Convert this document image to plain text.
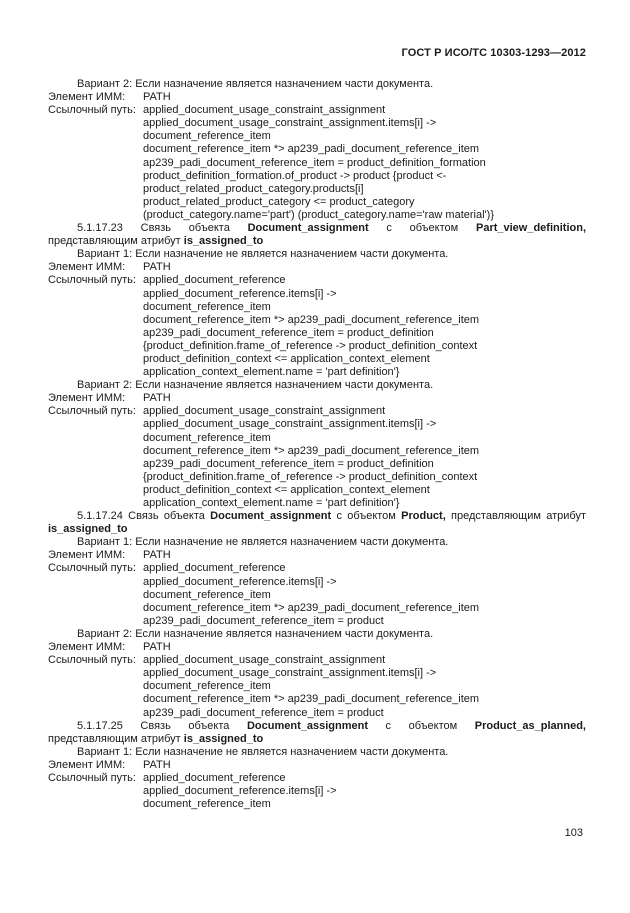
ГОСТ Р ИСО/ТС 10303-1293—2012
Вариант 2: Если назначение является назначением части документа.
Элемент ИММ:	PATH
Ссылочный путь: applied_document_usage_constraint_assignment
applied_document_usage_constraint_assignment.items[i] ->
document_reference_item
document_reference_item *> ap239_padi_document_reference_item
ap239_padi_document_reference_item = product_definition_formation
product_definition_formation.of_product -> product {product <-
product_related_product_category.products[i]
product_related_product_category <= product_category
(product_category.name='part') (product_category.name='raw material')}
5.1.17.23 Связь объекта Document_assignment с объектом Part_view_definition, представляющим атрибут is_assigned_to
Вариант 1: Если назначение не является назначением части документа.
Элемент ИММ:	PATH
Ссылочный путь: applied_document_reference
applied_document_reference.items[i] ->
document_reference_item
document_reference_item *> ap239_padi_document_reference_item
ap239_padi_document_reference_item = product_definition
{product_definition.frame_of_reference -> product_definition_context
product_definition_context <= application_context_element
application_context_element.name = 'part definition'}
Вариант 2: Если назначение является назначением части документа.
Элемент ИММ:	PATH
Ссылочный путь: applied_document_usage_constraint_assignment
applied_document_usage_constraint_assignment.items[i] ->
document_reference_item
document_reference_item *> ap239_padi_document_reference_item
ap239_padi_document_reference_item = product_definition
{product_definition.frame_of_reference -> product_definition_context
product_definition_context <= application_context_element
application_context_element.name = 'part definition'}
5.1.17.24 Связь объекта Document_assignment с объектом Product, представляющим атрибут is_assigned_to
Вариант 1: Если назначение не является назначением части документа.
Элемент ИММ:	PATH
Ссылочный путь: applied_document_reference
applied_document_reference.items[i] ->
document_reference_item
document_reference_item *> ap239_padi_document_reference_item
ap239_padi_document_reference_item = product
Вариант 2: Если назначение является назначением части документа.
Элемент ИММ:	PATH
Ссылочный путь: applied_document_usage_constraint_assignment
applied_document_usage_constraint_assignment.items[i] ->
document_reference_item
document_reference_item *> ap239_padi_document_reference_item
ap239_padi_document_reference_item = product
5.1.17.25 Связь объекта Document_assignment с объектом Product_as_planned, представляющим атрибут is_assigned_to
Вариант 1: Если назначение не является назначением части документа.
Элемент ИММ:	PATH
Ссылочный путь: applied_document_reference
applied_document_reference.items[i] ->
document_reference_item
103
